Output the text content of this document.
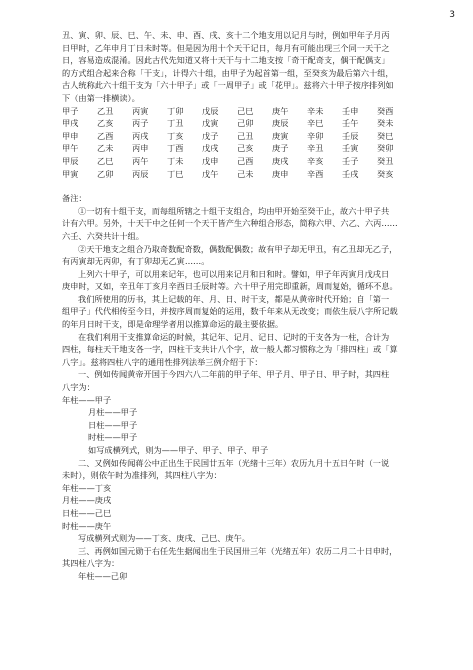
3
丑、寅、卯、辰、巳、午、未、申、酉、戌、亥十二个地支用以记月与时，例如甲年子月丙
日甲时，乙年申月丁日未时等。但是因为用十个天干记日，每月有可能出现三个同一天干之
日，容易造成混淆。因此古代先知道又将十天干与十二地支按「奇干配奇支，偶干配偶支」
的方式组合起来合称「干支」，计得六十组，由甲子为起首第一组，至癸亥为最后第六十组，
古人统称此六十组干支为「六十甲子」或「一周甲子」或「花甲」。兹将六十甲子按序排列如
下（由第一排横读）。
甲子	乙丑	丙寅	丁卯	戊辰	己巳	庚午	辛未	壬申	癸酉
甲戌	乙亥	丙子	丁丑	戊寅	己卯	庚辰	辛巳	壬午	癸未
甲申	乙酉	丙戌	丁亥	戊子	己丑	庚寅	辛卯	壬辰	癸巳
甲午	乙未	丙申	丁酉	戊戌	己亥	庚子	辛丑	壬寅	癸卯
甲辰	乙巳	丙午	丁未	戊申	己酉	庚戌	辛亥	壬子	癸丑
甲寅	乙卯	丙辰	丁巳	戊午	己未	庚申	辛酉	壬戌	癸亥
备注：
①一切有十组干支，而每组所辖之十组干支组合，均由甲开始至癸干止，故六十甲子共
计有六甲。另外，十天干中之任何一个天干皆产生六种组合形态，简称六甲、六乙、六丙……
六壬、六癸共计十组。
②天干地支之组合乃取奇数配奇数，偶数配偶数；故有甲子却无甲丑，有乙丑却无乙子，
有丙寅却无丙卯，有丁卯却无乙寅……。
上列六十甲子，可以用来记年，也可以用来记月和日和时。譬如，甲子年丙寅月戊戌日
庚申时，又如，辛丑年丁亥月辛酉日壬辰时等。六十甲子用完即重新，周而复始，循环不息。
我们所使用的历书，其上记载的年、月、日、时干支，都是从黄帝时代开始；自「第一
组甲子」代代相传至今日，并按序周而复始的运用，数千年来从无改变；而依生辰八字所记载
的年月日时干支，即是命理学者用以推算命运的最主要依据。
在我们利用干支推算命运的时候，其记年、记月、记日、记时的干支各为一柱，合计为
四柱，每柱天干地支各一字，四柱干支共计八个字，故一般人都习惯称之为「排四柱」或「算
八字」。兹将四柱八字的通用性排列法举三例介绍于下：
一、例如传闻黄帝开国于今四六八二年前的甲子年、甲子月、甲子日、甲子时，其四柱
八字为：
年柱——甲子
月柱——甲子
日柱——甲子
时柱——甲子
如写成横列式，则为——甲子、甲子、甲子、甲子
二、又例如传闻蒋公中正出生于民国廿五年（光绪十三年）农历九月十五日午时（一说
未时），则依午时为准排列，其四柱八字为：
年柱——丁亥
月柱——庚戌
日柱——己巳
时柱——庚午
写成横列式则为——丁亥、庚戌、己巳、庚午。
三、再例如国元勋于右任先生据闻出生于民国卅三年（光绪五年）农历二月二十日申时，
其四柱八字为：
年柱——己卯
